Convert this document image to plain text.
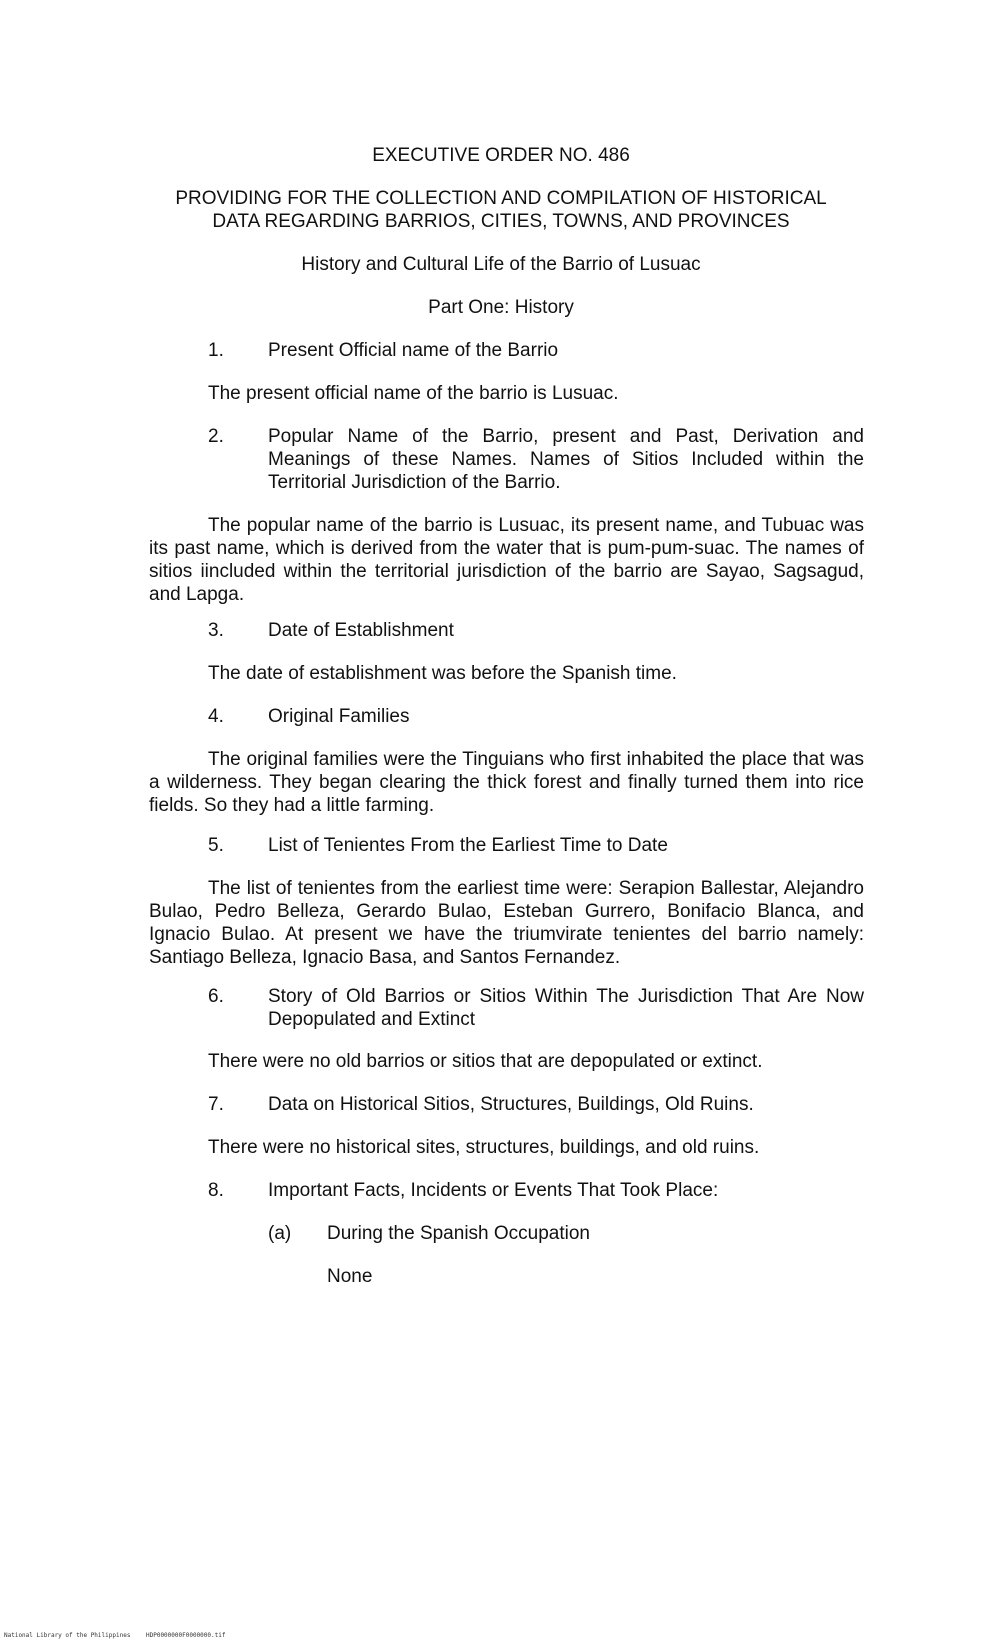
EXECUTIVE ORDER NO. 486
PROVIDING FOR THE COLLECTION AND COMPILATION OF HISTORICAL
DATA REGARDING BARRIOS, CITIES, TOWNS, AND PROVINCES
History and Cultural Life of the Barrio of Lusuac
Part One: History
1. Present Official name of the Barrio
The present official name of the barrio is Lusuac.
2. Popular Name of the Barrio, present and Past, Derivation and Meanings of these Names. Names of Sitios Included within the Territorial Jurisdiction of the Barrio.
The popular name of the barrio is Lusuac, its present name, and Tubuac was its past name, which is derived from the water that is pum-pum-suac. The names of sitios iincluded within the territorial jurisdiction of the barrio are Sayao, Sagsagud, and Lapga.
3. Date of Establishment
The date of establishment was before the Spanish time.
4. Original Families
The original families were the Tinguians who first inhabited the place that was a wilderness. They began clearing the thick forest and finally turned them into rice fields. So they had a little farming.
5. List of Tenientes From the Earliest Time to Date
The list of tenientes from the earliest time were: Serapion Ballestar, Alejandro Bulao, Pedro Belleza, Gerardo Bulao, Esteban Gurrero, Bonifacio Blanca, and Ignacio Bulao. At present we have the triumvirate tenientes del barrio namely: Santiago Belleza, Ignacio Basa, and Santos Fernandez.
6. Story of Old Barrios or Sitios Within The Jurisdiction That Are Now Depopulated and Extinct
There were no old barrios or sitios that are depopulated or extinct.
7. Data on Historical Sitios, Structures, Buildings, Old Ruins.
There were no historical sites, structures, buildings, and old ruins.
8. Important Facts, Incidents or Events That Took Place:
(a) During the Spanish Occupation
None
National Library of the Philippines	HDP0000000F0000000.tif
